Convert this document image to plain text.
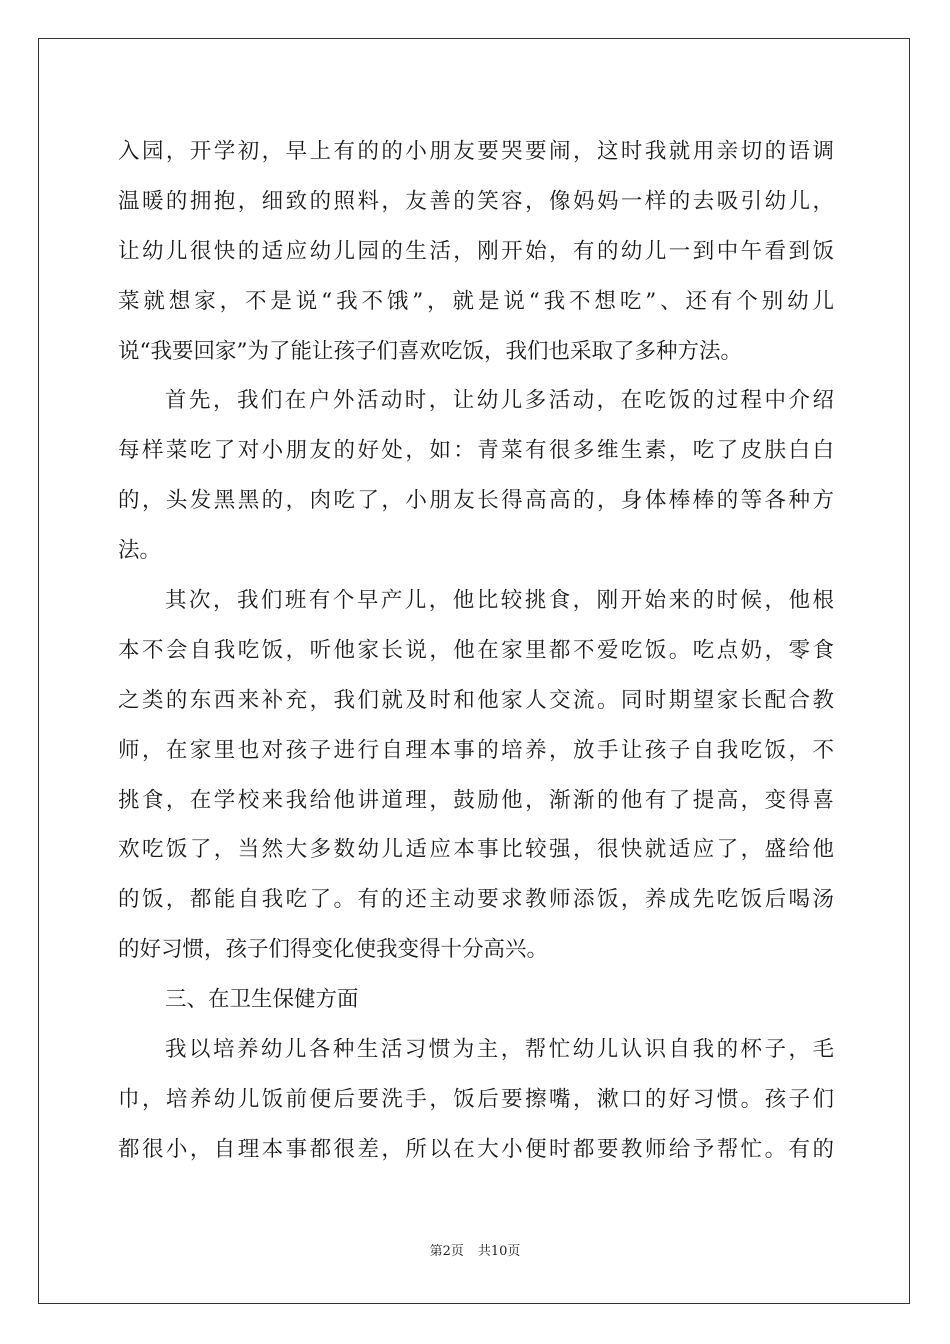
入园，开学初，早上有的的小朋友要哭要闹，这时我就用亲切的语调
温暖的拥抱，细致的照料，友善的笑容，像妈妈一样的去吸引幼儿，
让幼儿很快的适应幼儿园的生活，刚开始，有的幼儿一到中午看到饭
菜就想家，不是说“我不饿”，就是说“我不想吃”、还有个别幼儿
说“我要回家”为了能让孩子们喜欢吃饭，我们也采取了多种方法。
首先，我们在户外活动时，让幼儿多活动，在吃饭的过程中介绍
每样菜吃了对小朋友的好处，如：青菜有很多维生素，吃了皮肤白白
的，头发黑黑的，肉吃了，小朋友长得高高的，身体棒棒的等各种方
法。
其次，我们班有个早产儿，他比较挑食，刚开始来的时候，他根
本不会自我吃饭，听他家长说，他在家里都不爱吃饭。吃点奶，零食
之类的东西来补充，我们就及时和他家人交流。同时期望家长配合教
师，在家里也对孩子进行自理本事的培养，放手让孩子自我吃饭，不
挑食，在学校来我给他讲道理，鼓励他，渐渐的他有了提高，变得喜
欢吃饭了，当然大多数幼儿适应本事比较强，很快就适应了，盛给他
的饭，都能自我吃了。有的还主动要求教师添饭，养成先吃饭后喝汤
的好习惯，孩子们得变化使我变得十分高兴。
三、在卫生保健方面
我以培养幼儿各种生活习惯为主，帮忙幼儿认识自我的杯子，毛
巾，培养幼儿饭前便后要洗手，饭后要擦嘴，漱口的好习惯。孩子们
都很小，自理本事都很差，所以在大小便时都要教师给予帮忙。有的
第2页 共10页
